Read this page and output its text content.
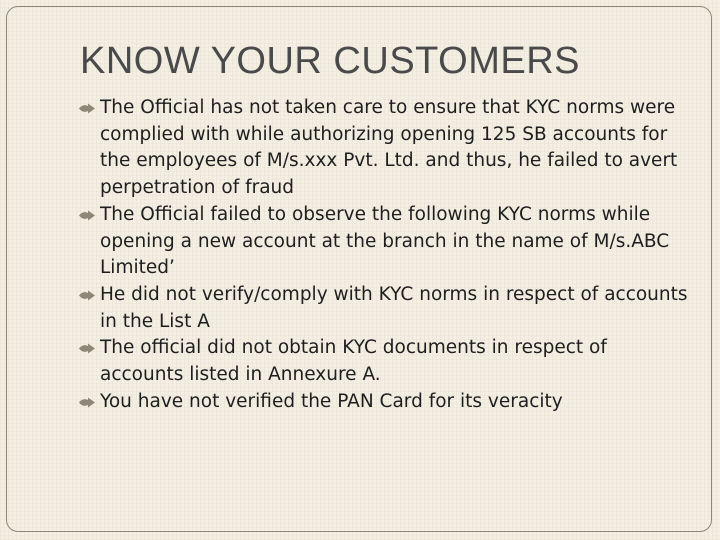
KNOW YOUR CUSTOMERS
The Official has not taken care to ensure that KYC norms were complied with while authorizing opening 125 SB accounts for the employees of M/s.xxx Pvt. Ltd. and thus, he failed to avert perpetration of fraud
The Official failed to observe the following KYC norms while opening a new account at the branch in the name of M/s.ABC Limited’
He did not verify/comply with KYC norms in respect of accounts in the List A
The official did not obtain KYC documents in respect of accounts listed in Annexure A.
You have not verified the PAN Card for its veracity
